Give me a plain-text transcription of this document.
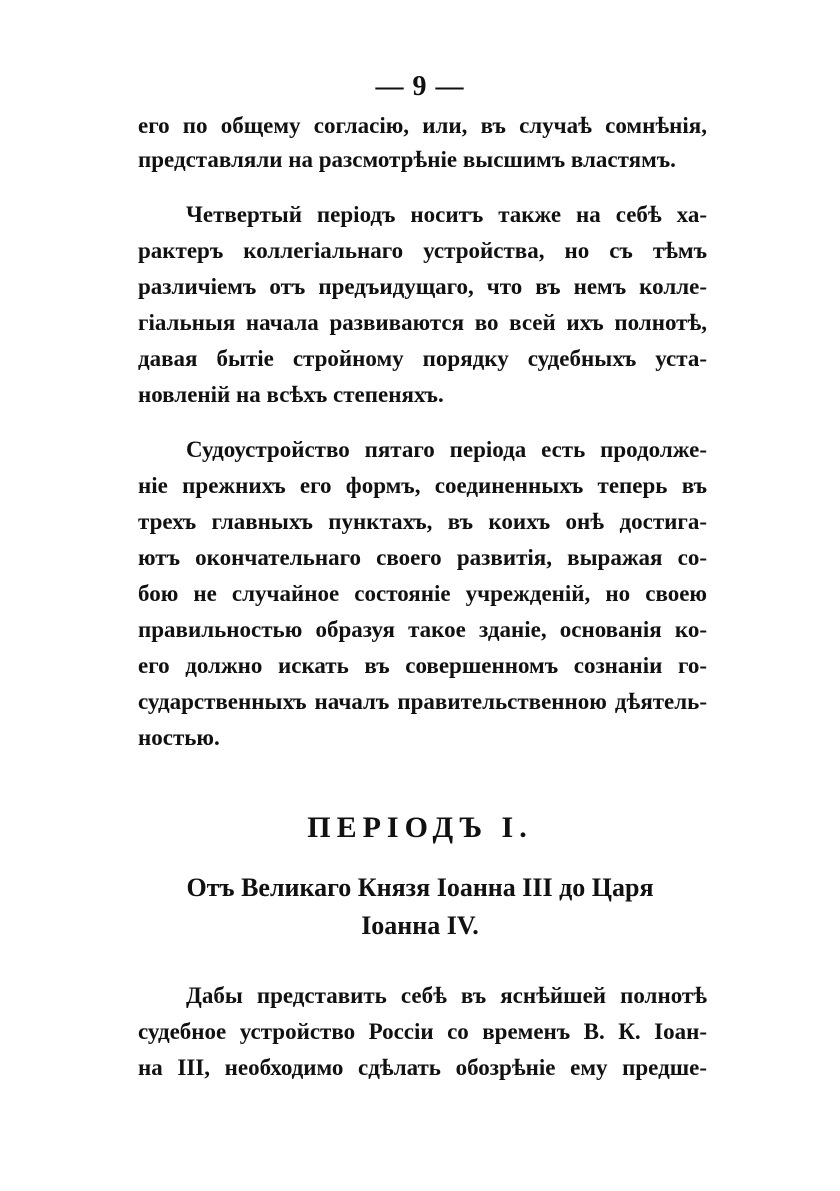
— 9 —
его по общему согласію, или, въ случаѣ сомнѣнія,
представляли на разсмотрѣніе высшимъ властямъ.
Четвертый періодъ носитъ также на себѣ ха-
рактеръ коллегіальнаго устройства, но съ тѣмъ
различіемъ отъ предъидущаго, что въ немъ колле-
гіальныя начала развиваются во всей ихъ полнотѣ,
давая бытіе стройному порядку судебныхъ уста-
новленій на всѣхъ степеняхъ.
Судоустройство пятаго періода есть продолже-
ніе прежнихъ его формъ, соединенныхъ теперь въ
трехъ главныхъ пунктахъ, въ коихъ онѣ достига-
ютъ окончательнаго своего развитія, выражая со-
бою не случайное состояніе учрежденій, но своею
правильностью образуя такое зданіе, основанія ко-
его должно искать въ совершенномъ сознаніи го-
сударственныхъ началъ правительственною дѣятель-
ностью.
ПЕРІОДЪ I.
Отъ Великаго Князя Іоанна III до Царя
Іоанна IV.
Дабы представить себѣ въ яснѣйшей полнотѣ
судебное устройство Россіи со временъ В. К. Іоан-
на III, необходимо сдѣлать обозрѣніе ему предше-
